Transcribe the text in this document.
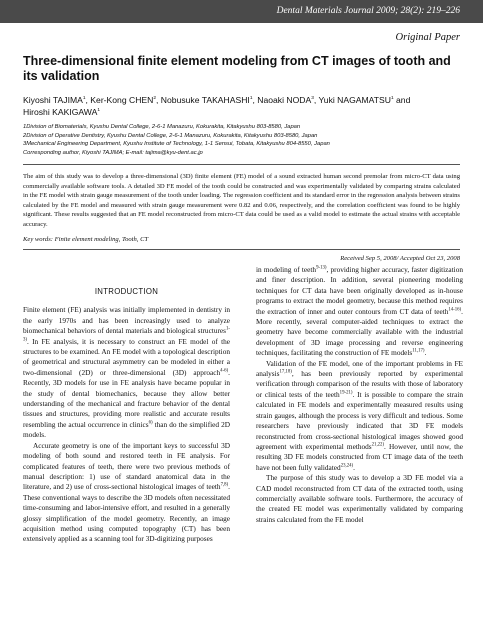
Dental Materials Journal 2009; 28(2): 219–226
Original Paper
Three-dimensional finite element modeling from CT images of tooth and its validation
Kiyoshi TAJIMA$^1$, Ker-Kong CHEN$^2$, Nobusuke TAKAHASHI$^1$, Naoaki NODA$^3$, Yuki NAGAMATSU$^1$ and
Hiroshi KAKIGAWA$^1$
1Division of Biomaterials, Kyushu Dental College, 2-6-1 Manazuru, Kokurakita, Kitakyushu 803-8580, Japan
2Division of Operative Dentistry, Kyushu Dental College, 2-6-1 Manazuru, Kokurakita, Kitakyushu 803-8580, Japan
3Mechanical Engineering Department, Kyushu Institute of Technology, 1-1 Sensui, Tobata, Kitakyushu 804-8550, Japan
Corresponding author, Kiyoshi TAJIMA; E-mail: tajima@kyu-dent.ac.jp
The aim of this study was to develop a three-dimensional (3D) finite element (FE) model of a sound extracted human second premolar from micro-CT data using commercially available software tools. A detailed 3D FE model of the tooth could be constructed and was experimentally validated by comparing strains calculated in the FE model with strain gauge measurement of the tooth under loading. The regression coefficient and its standard error in the regression analysis between strains calculated by the FE model and measured with strain gauge measurement were 0.82 and 0.06, respectively, and the correlation coefficient was found to be highly significant. These results suggested that an FE model reconstructed from micro-CT data could be used as a valid model to estimate the actual strains with acceptable accuracy.
Key words: Finite element modeling, Tooth, CT
Received Sep 5, 2008/ Accepted Oct 23, 2008
INTRODUCTION

Finite element (FE) analysis was initially implemented in dentistry in the early 1970s and has been increasingly used to analyze biomechanical behaviors of dental materials and biological structures$^{1-3)}$. In FE analysis, it is necessary to construct an FE model of the structures to be examined. An FE model with a topological description of geometrical and structural asymmetry can be modeled in either a two-dimensional (2D) or three-dimensional (3D) approach$^{4-6)}$. Recently, 3D models for use in FE analysis have became popular in the study of dental biomechanics, because they allow better understanding of the mechanical and fracture behavior of the dental tissues and structures, providing more realistic and accurate results resembling the actual occurrence in clinics$^{6)}$ than do the simplified 2D models.

Accurate geometry is one of the important keys to successful 3D modeling of both sound and restored teeth in FE analysis. For complicated features of teeth, there were two previous methods of manual description: 1) use of standard anatomical data in the literature, and 2) use of cross-sectional histological images of teeth$^{7,8)}$. These conventional ways to describe the 3D models often necessitated time-consuming and labor-intensive effort, and resulted in a generally glossy simplification of the model geometry. Recently, an image acquisition method using computed topography (CT) has been extensively applied as a scanning tool for 3D-digitizing purposes

in modeling of teeth$^{9-13)}$, providing higher accuracy, faster digitization and finer description. In addition, several pioneering modeling techniques for CT data have been originally developed as in-house programs to extract the model geometry, because this method requires the extraction of inner and outer contours from CT data of teeth$^{14-16)}$. More recently, several computer-aided techniques to extract the geometry have become commercially available with the industrial development of 3D image processing and reverse engineering techniques, facilitating the construction of FE models$^{11,17)}$.

Validation of the FE model, one of the important problems in FE analysis$^{17,18)}$, has been previously reported by experimental verification through comparison of the results with those of laboratory or clinical tests of the teeth$^{19-21)}$. It is possible to compare the strain calculated in FE models and experimentally measured results using strain gauges, although the process is very difficult and tedious. Some researchers have previously indicated that 3D FE models reconstructed from cross-sectional histological images showed good agreement with experimental methods$^{21,22)}$. However, until now, the resulting 3D FE models constructed from CT image data of the teeth have not been fully validated$^{23,24)}$.

The purpose of this study was to develop a 3D FE model via a CAD model reconstructed from CT data of the extracted tooth, using commercially available software tools. Furthermore, the accuracy of the created FE model was experimentally validated by comparing strains calculated from the FE model
